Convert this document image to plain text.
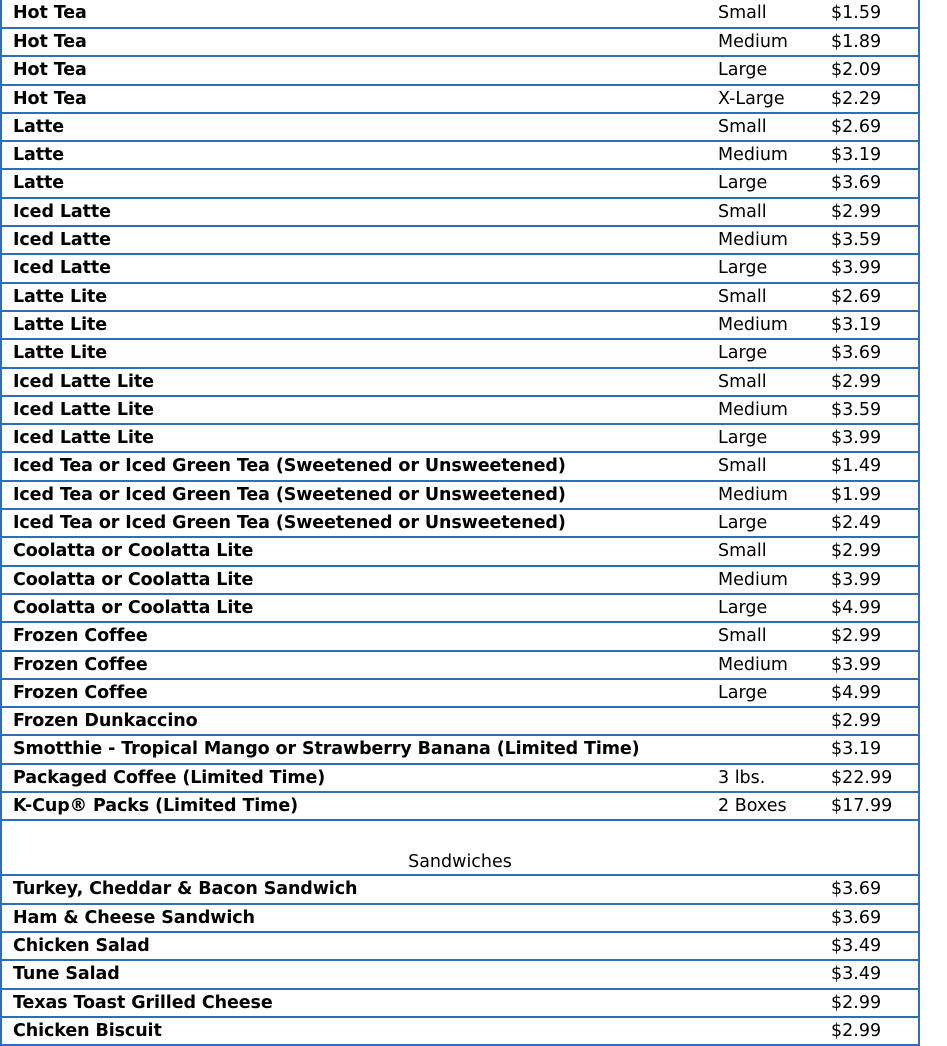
Hot Tea	Small	$1.59
Hot Tea	Medium $1.89
Hot Tea	Large	$2.09
Hot Tea	X-Large	$2.29
Latte	Small	$2.69
Latte	Medium $3.19
Latte	Large	$3.69
Iced Latte	Small	$2.99
Iced Latte	Medium $3.59
Iced Latte	Large	$3.99
Latte Lite	Small	$2.69
Latte Lite	Medium $3.19
Latte Lite	Large	$3.69
Iced Latte Lite	Small	$2.99
Iced Latte Lite	Medium $3.59
Iced Latte Lite	Large	$3.99
Iced Tea or Iced Green Tea (Sweetened or Unsweetened)	Small	$1.49
Iced Tea or Iced Green Tea (Sweetened or Unsweetened)	Medium $1.99
Iced Tea or Iced Green Tea (Sweetened or Unsweetened)	Large	$2.49
Coolatta or Coolatta Lite	Small	$2.99
Coolatta or Coolatta Lite	Medium $3.99
Coolatta or Coolatta Lite	Large	$4.99
Frozen Coffee	Small	$2.99
Frozen Coffee	Medium $3.99
Frozen Coffee	Large	$4.99
Frozen Dunkaccino	$2.99
Smotthie - Tropical Mango or Strawberry Banana (Limited Time)	$3.19
Packaged Coffee (Limited Time)	3 lbs.	$22.99
K-Cup® Packs (Limited Time)	2 Boxes	$17.99
Sandwiches
Turkey, Cheddar & Bacon Sandwich	$3.69
Ham & Cheese Sandwich	$3.69
Chicken Salad	$3.49
Tune Salad	$3.49
Texas Toast Grilled Cheese	$2.99
Chicken Biscuit	$2.99
